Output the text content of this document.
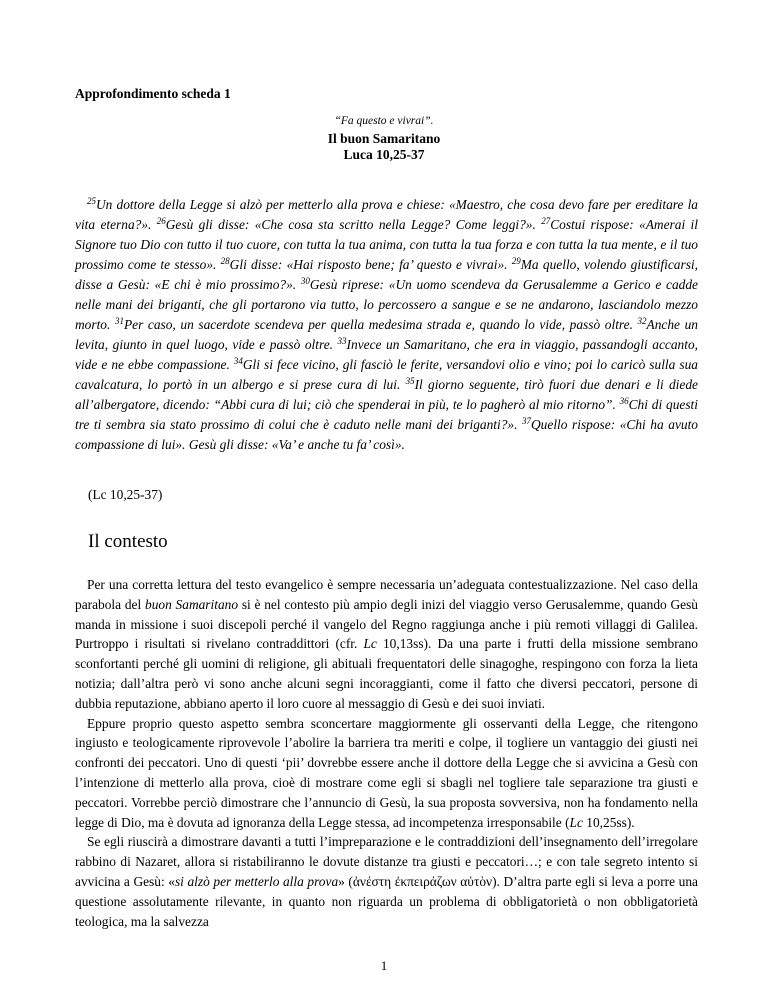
Approfondimento scheda 1
“Fa questo e vivrai”.
Il buon Samaritano
Luca 10,25-37
$^{25}$Un dottore della Legge si alzò per metterlo alla prova e chiese: «Maestro, che cosa devo fare per ereditare la vita eterna?». $^{26}$Gesù gli disse: «Che cosa sta scritto nella Legge? Come leggi?». $^{27}$Costui rispose: «Amerai il Signore tuo Dio con tutto il tuo cuore, con tutta la tua anima, con tutta la tua forza e con tutta la tua mente, e il tuo prossimo come te stesso». $^{28}$Gli disse: «Hai risposto bene; fa’ questo e vivrai». $^{29}$Ma quello, volendo giustificarsi, disse a Gesù: «E chi è mio prossimo?». $^{30}$Gesù riprese: «Un uomo scendeva da Gerusalemme a Gerico e cadde nelle mani dei briganti, che gli portarono via tutto, lo percossero a sangue e se ne andarono, lasciandolo mezzo morto. $^{31}$Per caso, un sacerdote scendeva per quella medesima strada e, quando lo vide, passò oltre. $^{32}$Anche un levita, giunto in quel luogo, vide e passò oltre. $^{33}$Invece un Samaritano, che era in viaggio, passandogli accanto, vide e ne ebbe compassione. $^{34}$Gli si fece vicino, gli fasciò le ferite, versandovi olio e vino; poi lo caricò sulla sua cavalcatura, lo portò in un albergo e si prese cura di lui. $^{35}$Il giorno seguente, tirò fuori due denari e li diede all’albergatore, dicendo: “Abbi cura di lui; ciò che spenderai in più, te lo pagherò al mio ritorno”. $^{36}$Chi di questi tre ti sembra sia stato prossimo di colui che è caduto nelle mani dei briganti?». $^{37}$Quello rispose: «Chi ha avuto compassione di lui». Gesù gli disse: «Va’ e anche tu fa’ così».
(Lc 10,25-37)
Il contesto

Per una corretta lettura del testo evangelico è sempre necessaria un’adeguata contestualizzazione. Nel caso della parabola del buon Samaritano si è nel contesto più ampio degli inizi del viaggio verso Gerusalemme, quando Gesù manda in missione i suoi discepoli perché il vangelo del Regno raggiunga anche i più remoti villaggi di Galilea. Purtroppo i risultati si rivelano contraddittori (cfr. Lc 10,13ss). Da una parte i frutti della missione sembrano sconfortanti perché gli uomini di religione, gli abituali frequentatori delle sinagoghe, respingono con forza la lieta notizia; dall’altra però vi sono anche alcuni segni incoraggianti, come il fatto che diversi peccatori, persone di dubbia reputazione, abbiano aperto il loro cuore al messaggio di Gesù e dei suoi inviati.

Eppure proprio questo aspetto sembra sconcertare maggiormente gli osservanti della Legge, che ritengono ingiusto e teologicamente riprovevole l’abolire la barriera tra meriti e colpe, il togliere un vantaggio dei giusti nei confronti dei peccatori. Uno di questi ‘pii’ dovrebbe essere anche il dottore della Legge che si avvicina a Gesù con l’intenzione di metterlo alla prova, cioè di mostrare come egli si sbagli nel togliere tale separazione tra giusti e peccatori. Vorrebbe perciò dimostrare che l’annuncio di Gesù, la sua proposta sovversiva, non ha fondamento nella legge di Dio, ma è dovuta ad ignoranza della Legge stessa, ad incompetenza irresponsabile (Lc 10,25ss).

Se egli riuscirà a dimostrare davanti a tutti l’impreparazione e le contraddizioni dell’insegnamento dell’irregolare rabbino di Nazaret, allora si ristabiliranno le dovute distanze tra giusti e peccatori…; e con tale segreto intento si avvicina a Gesù: «si alzò per metterlo alla prova» (ἀνέστη ἐκπειράζων αὐτὸν). D’altra parte egli si leva a porre una questione assolutamente rilevante, in quanto non riguarda un problema di obbligatorietà o non obbligatorietà teologica, ma la salvezza

1
